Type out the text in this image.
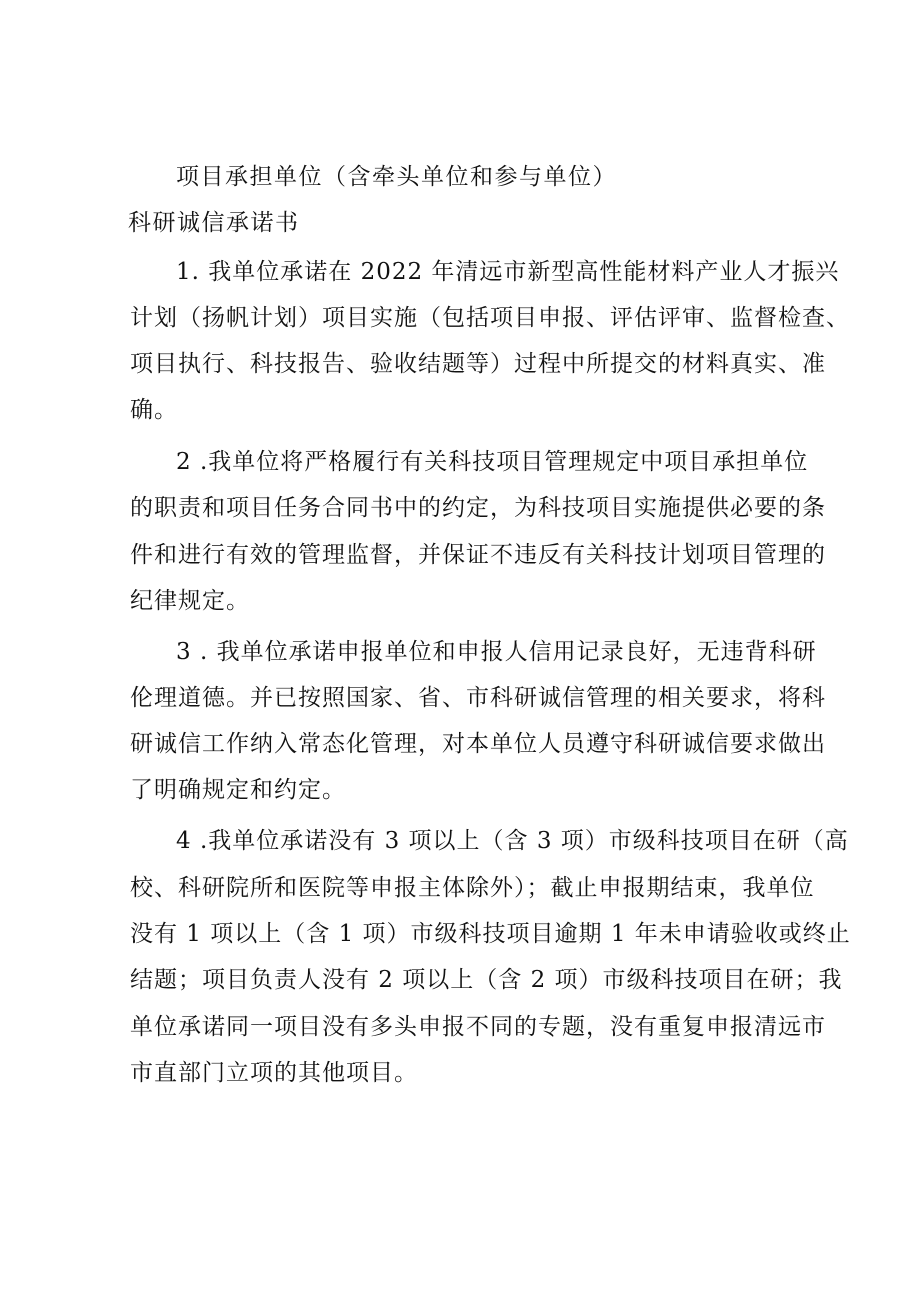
项目承担单位（含牵头单位和参与单位）
科研诚信承诺书
1. 我单位承诺在 2022 年清远市新型高性能材料产业人才振兴
计划（扬帆计划）项目实施（包括项目申报、评估评审、监督检查、
项目执行、科技报告、验收结题等）过程中所提交的材料真实、准
确。
2 .我单位将严格履行有关科技项目管理规定中项目承担单位
的职责和项目任务合同书中的约定，为科技项目实施提供必要的条
件和进行有效的管理监督，并保证不违反有关科技计划项目管理的
纪律规定。
3 . 我单位承诺申报单位和申报人信用记录良好，无违背科研
伦理道德。并已按照国家、省、市科研诚信管理的相关要求，将科
研诚信工作纳入常态化管理，对本单位人员遵守科研诚信要求做出
了明确规定和约定。
4 .我单位承诺没有 3 项以上（含 3 项）市级科技项目在研（高
校、科研院所和医院等申报主体除外）；截止申报期结束，我单位
没有 1 项以上（含 1 项）市级科技项目逾期 1 年未申请验收或终止
结题；项目负责人没有 2 项以上（含 2 项）市级科技项目在研；我
单位承诺同一项目没有多头申报不同的专题，没有重复申报清远市
市直部门立项的其他项目。
